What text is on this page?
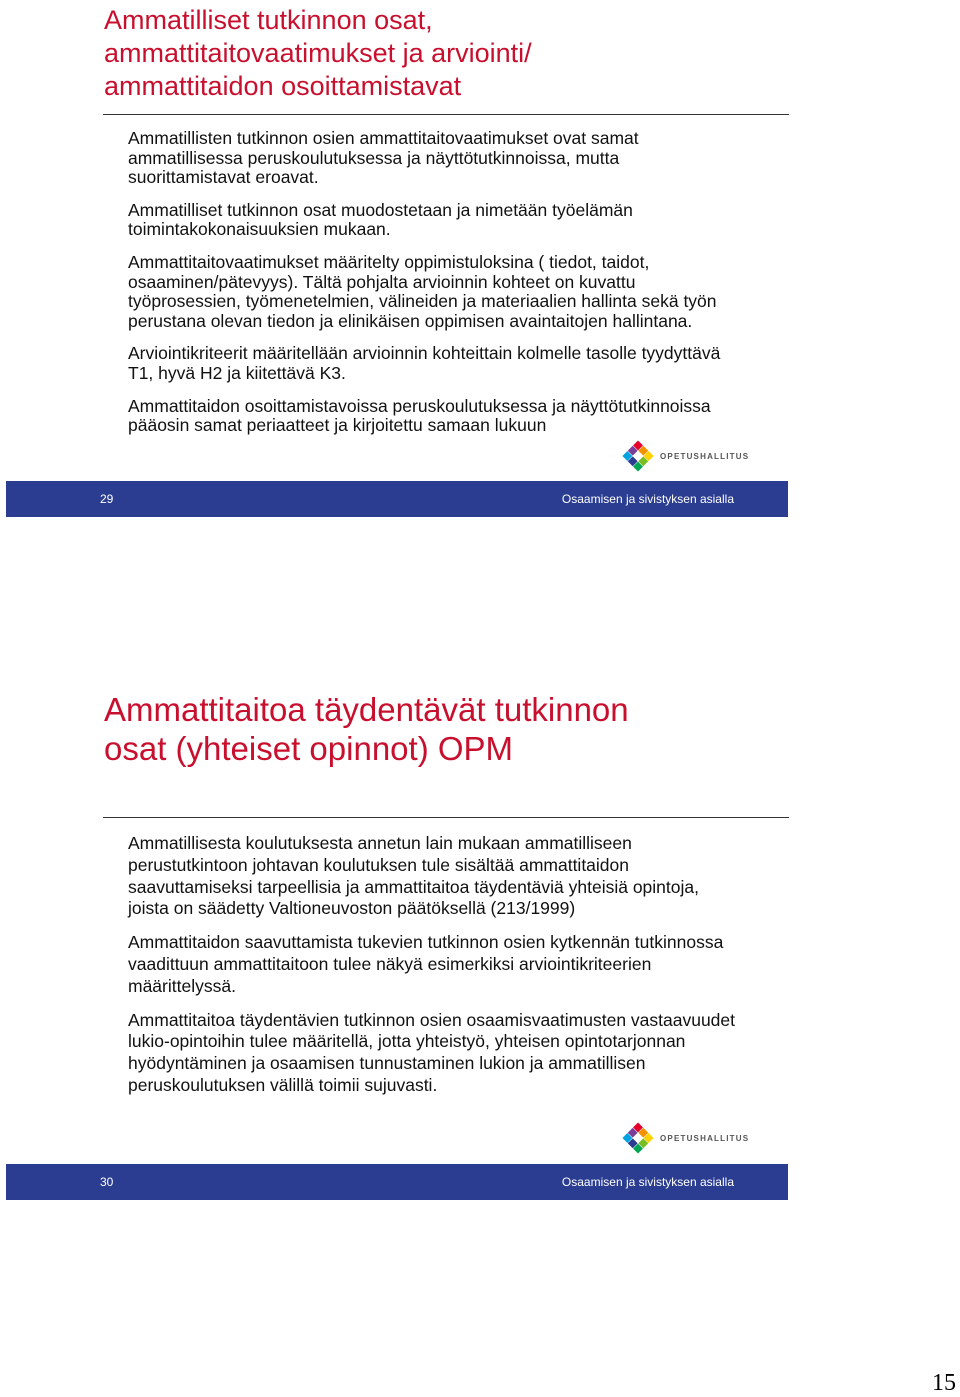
Ammatilliset tutkinnon osat,
ammattitaitovaatimukset ja arviointi/
ammattitaidon osoittamistavat
Ammatillisten tutkinnon osien ammattitaitovaatimukset ovat samat ammatillisessa peruskoulutuksessa ja näyttötutkinnoissa, mutta suorittamistavat eroavat.
Ammatilliset tutkinnon osat muodostetaan ja nimetään työelämän toimintakokonaisuuksien mukaan.
Ammattitaitovaatimukset määritelty oppimistuloksina ( tiedot, taidot, osaaminen/pätevyys). Tältä pohjalta arvioinnin kohteet on kuvattu työprosessien, työmenetelmien, välineiden ja materiaalien hallinta sekä työn perustana olevan tiedon ja elinikäisen oppimisen avaintaitojen hallintana.
Arviointikriteerit määritellään arvioinnin kohteittain kolmelle tasolle tyydyttävä T1, hyvä H2 ja kiitettävä K3.
Ammattitaidon osoittamistavoissa peruskoulutuksessa ja näyttötutkinnoissa pääosin samat periaatteet ja kirjoitettu samaan lukuun
OPETUSHALLITUS
29	Osaamisen ja sivistyksen asialla
Ammattitaitoa täydentävät tutkinnon
osat (yhteiset opinnot) OPM
Ammatillisesta koulutuksesta annetun lain mukaan ammatilliseen perustutkintoon johtavan koulutuksen tule sisältää ammattitaidon saavuttamiseksi tarpeellisia ja ammattitaitoa täydentäviä yhteisiä opintoja, joista on säädetty Valtioneuvoston päätöksellä (213/1999)
Ammattitaidon saavuttamista tukevien tutkinnon osien kytkennän tutkinnossa vaadittuun ammattitaitoon tulee näkyä esimerkiksi arviointikriteerien määrittelyssä.
Ammattitaitoa täydentävien tutkinnon osien osaamisvaatimusten vastaavuudet lukio-opintoihin tulee määritellä, jotta yhteistyö, yhteisen opintotarjonnan hyödyntäminen ja osaamisen tunnustaminen lukion ja ammatillisen peruskoulutuksen välillä toimii sujuvasti.
OPETUSHALLITUS
30	Osaamisen ja sivistyksen asialla
15
